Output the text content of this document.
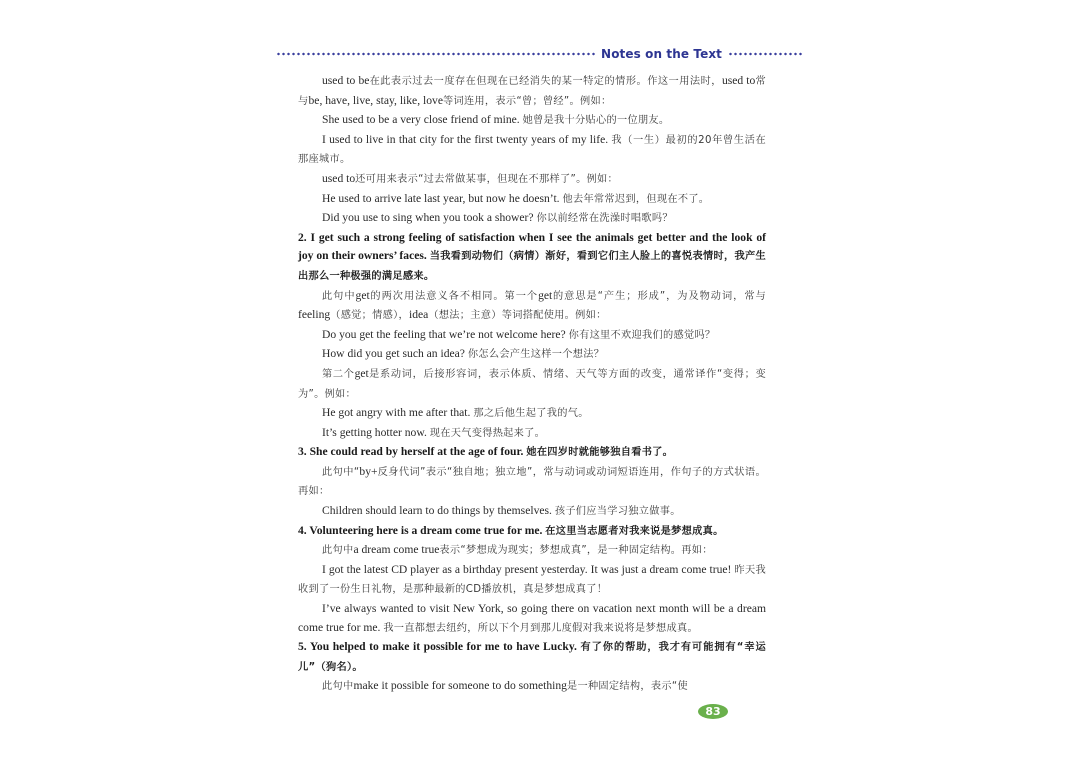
Notes on the Text

used to be在此表示过去一度存在但现在已经消失的某一特定的情形。作这一用法时，used to常与be, have, live, stay, like, love等词连用，表示“曾；曾经”。例如：

She used to be a very close friend of mine. 她曾是我十分贴心的一位朋友。

I used to live in that city for the first twenty years of my life. 我（一生）最初的20年曾生活在那座城市。

used to还可用来表示“过去常做某事，但现在不那样了”。例如：

He used to arrive late last year, but now he doesn’t. 他去年常常迟到，但现在不了。

Did you use to sing when you took a shower? 你以前经常在洗澡时唱歌吗？

2. I get such a strong feeling of satisfaction when I see the animals get better and the look of joy on their owners’ faces. 当我看到动物们（病情）渐好，看到它们主人脸上的喜悦表情时，我产生出那么一种极强的满足感来。

此句中get的两次用法意义各不相同。第一个get的意思是“产生；形成”，为及物动词，常与feeling（感觉；情感），idea（想法；主意）等词搭配使用。例如：

Do you get the feeling that we’re not welcome here? 你有这里不欢迎我们的感觉吗？

How did you get such an idea? 你怎么会产生这样一个想法？

第二个get是系动词，后接形容词，表示体质、情绪、天气等方面的改变，通常译作“变得；变为”。例如：

He got angry with me after that. 那之后他生起了我的气。

It’s getting hotter now. 现在天气变得热起来了。

3. She could read by herself at the age of four. 她在四岁时就能够独自看书了。

此句中“by+反身代词”表示“独自地；独立地”，常与动词或动词短语连用，作句子的方式状语。再如：

Children should learn to do things by themselves. 孩子们应当学习独立做事。

4. Volunteering here is a dream come true for me. 在这里当志愿者对我来说是梦想成真。

此句中a dream come true表示“梦想成为现实；梦想成真”，是一种固定结构。再如：

I got the latest CD player as a birthday present yesterday. It was just a dream come true! 昨天我收到了一份生日礼物，是那种最新的CD播放机，真是梦想成真了！

I’ve always wanted to visit New York, so going there on vacation next month will be a dream come true for me. 我一直都想去纽约，所以下个月到那儿度假对我来说将是梦想成真。

5. You helped to make it possible for me to have Lucky. 有了你的帮助，我才有可能拥有“幸运儿”（狗名）。

此句中make it possible for someone to do something是一种固定结构，表示“使

83
